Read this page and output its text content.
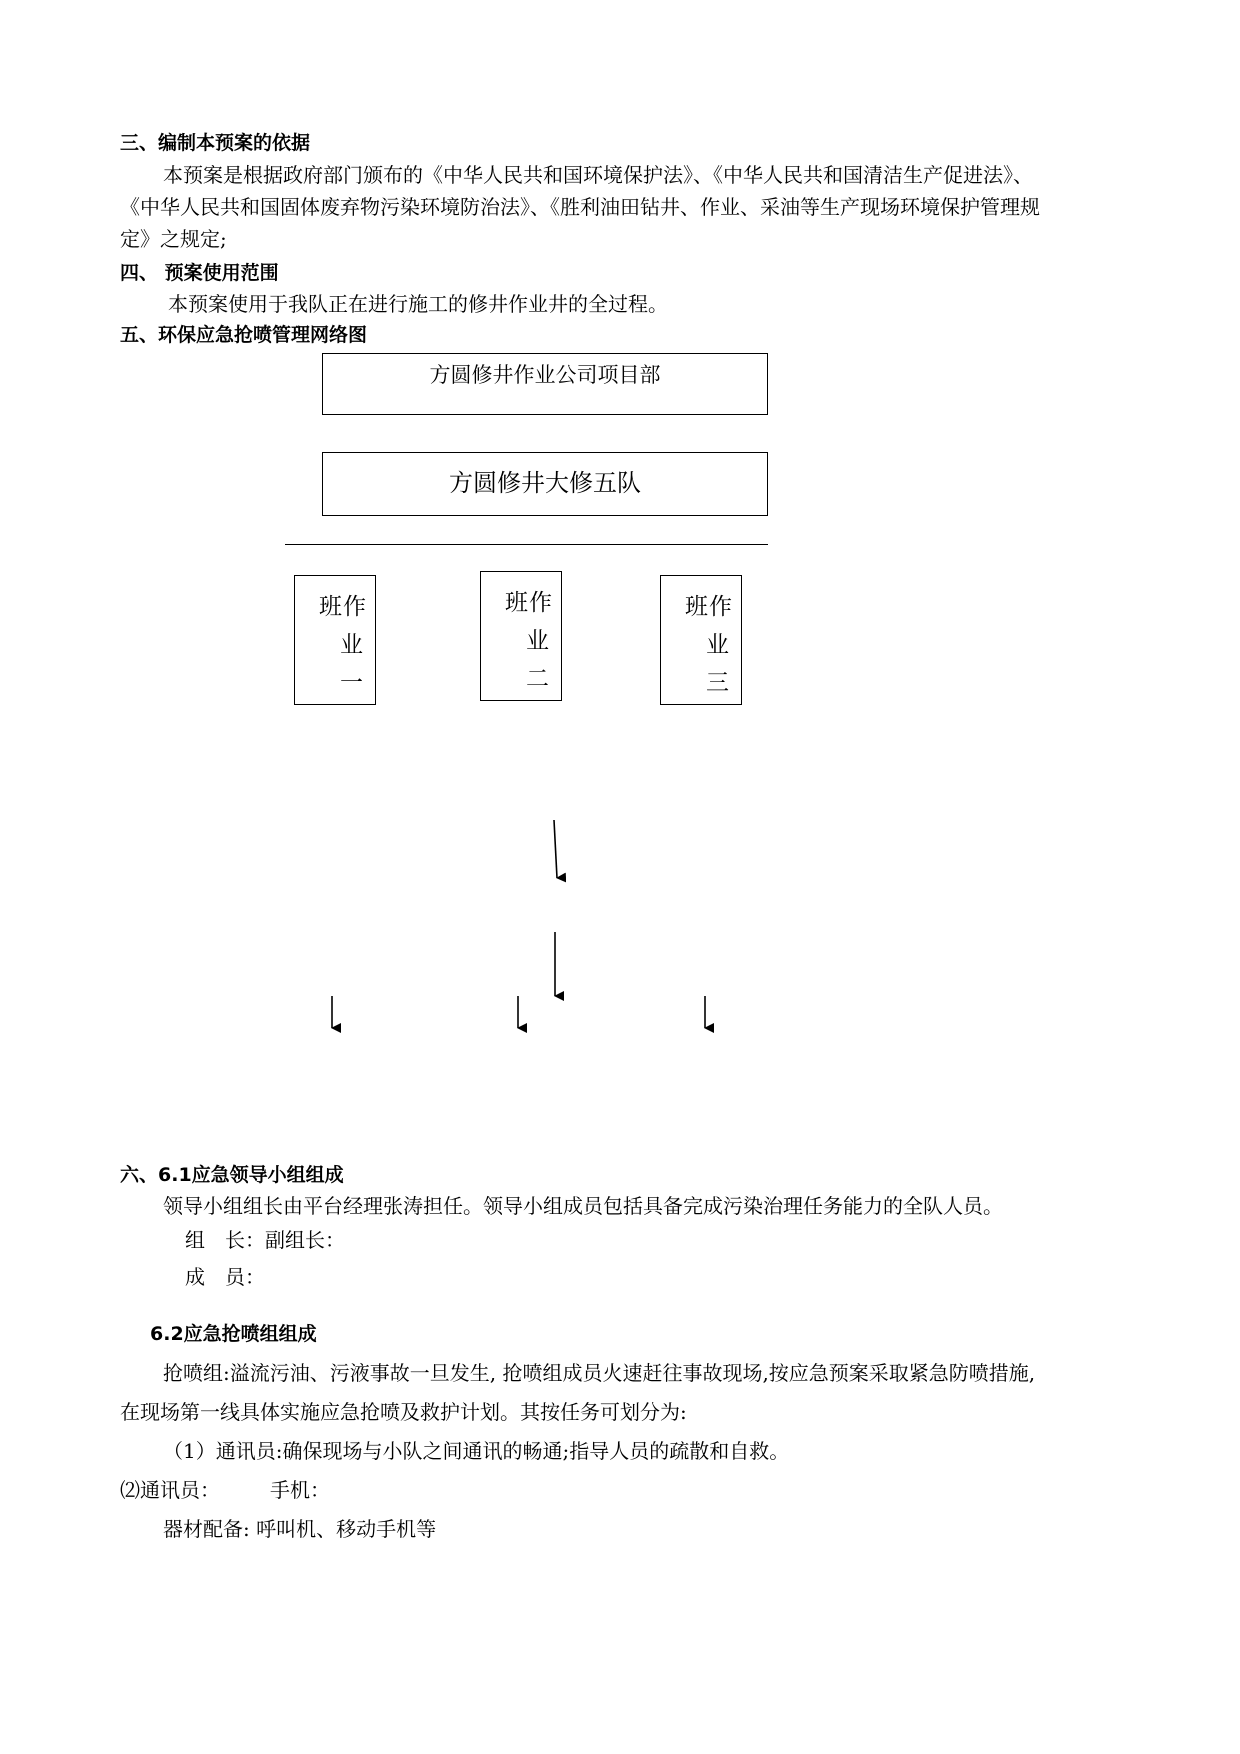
三、编制本预案的依据
本预案是根据政府部门颁布的《中华人民共和国环境保护法》、《中华人民共和国清洁生产促进法》、
《中华人民共和国固体废弃物污染环境防治法》、《胜利油田钻井、作业、采油等生产现场环境保护管理规
定》之规定;
四、 预案使用范围
本预案使用于我队正在进行施工的修井作业井的全过程。
五、环保应急抢喷管理网络图
方圆修井作业公司项目部
方圆修井大修五队
班作
业
一
班作
业
二
班作
业
三
六、6.1应急领导小组组成
领导小组组长由平台经理张涛担任。领导小组成员包括具备完成污染治理任务能力的全队人员。
组　长：副组长：
成　员：
6.2应急抢喷组组成
抢喷组:溢流污油、污液事故一旦发生, 抢喷组成员火速赶往事故现场,按应急预案采取紧急防喷措施,
在现场第一线具体实施应急抢喷及救护计划。其按任务可划分为:
（1）通讯员:确保现场与小队之间通讯的畅通;指导人员的疏散和自救。
⑵通讯员：　　　手机：
器材配备: 呼叫机、移动手机等
